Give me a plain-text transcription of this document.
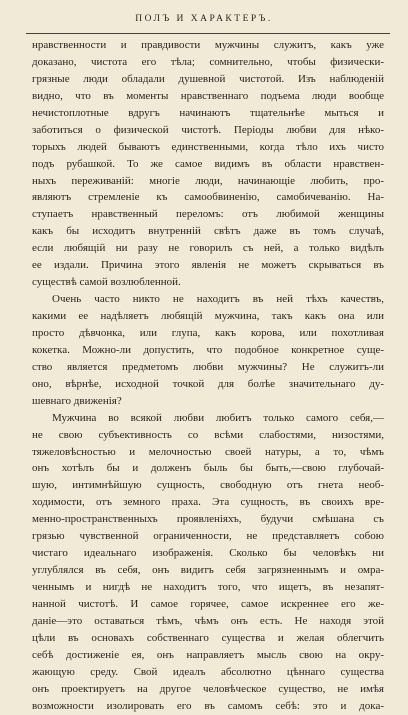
ПОЛЪ И ХАРАКТЕРЪ.
нравственности и правдивости мужчины служитъ, какъ уже
доказано, чистота его тѣла; сомнительно, чтобы физически-
грязные люди обладали душевной чистотой. Изъ наблюденій
видно, что въ моменты нравственнаго подъема люди вообще
нечистоплотные вдругъ начинаютъ тщательнѣе мыться и
заботиться о физической чистотѣ. Періоды любви для нѣко-
торыхъ людей бываютъ единственными, когда тѣло ихъ чисто
подъ рубашкой. То же самое видимъ въ области нравствен-
ныхъ переживаній: многіе люди, начинающіе любить, про-
являютъ стремленіе къ самообвиненію, самобичеванію. На-
ступаетъ нравственный переломъ: отъ любимой женщины
какъ бы исходитъ внутренній свѣтъ даже въ томъ случаѣ,
если любящій ни разу не говорилъ съ ней, а только видѣлъ
ее издали. Причина этого явленія не можетъ скрываться въ
существѣ самой возлюбленной.
Очень часто никто не находитъ въ ней тѣхъ качествъ,
какими ее надѣляетъ любящій мужчина, такъ какъ она или
просто дѣвчонка, или глупа, какъ корова, или похотливая
кокетка. Можно-ли допустить, что подобное конкретное суще-
ство является предметомъ любви мужчины? Не служитъ-ли
оно, вѣрнѣе, исходной точкой для болѣе значительнаго ду-
шевнаго движенія?
Мужчина во всякой любви любитъ только самого себя,—
не свою субъективность со всѣми слабостями, низостями,
тяжеловѣсностью и мелочностью своей натуры, а то, чѣмъ
онъ хотѣлъ бы и долженъ быль бы быть,—свою глубочай-
шую, интимнѣйшую сущность, свободную отъ гнета необ-
ходимости, отъ земного праха. Эта сущность, въ своихъ вре-
менно-пространственныхъ проявленіяхъ, будучи смѣшана съ
грязью чувственной ограниченности, не представляетъ собою
чистаго идеальнаго изображенія. Сколько бы человѣкъ ни
углублялся въ себя, онъ видитъ себя загрязненнымъ и омра-
ченнымъ и нигдѣ не находитъ того, что ищетъ, въ незапят-
нанной чистотѣ. И самое горячее, самое искреннее его же-
даніе—это оставаться тѣмъ, чѣмъ онъ есть. Не находя этой
цѣли въ основахъ собственнаго существа и желая облегчить
себѣ достиженіе ея, онъ направляетъ мысль свою на окру-
жающую среду. Свой идеалъ абсолютно цѣннаго существа
онъ проектируетъ на другое человѣческое существо, не имѣя
возможности изолировать его въ самомъ себѣ: это и дока-
